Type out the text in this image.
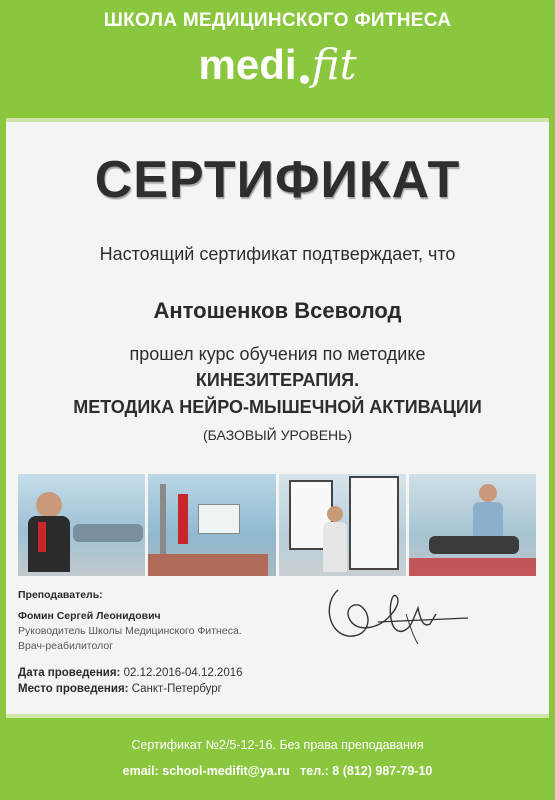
ШКОЛА МЕДИЦИНСКОГО ФИТНЕСА
medi fit
СЕРТИФИКАТ
Настоящий сертификат подтверждает, что
Антошенков Всеволод
прошел курс обучения по методике
КИНЕЗИТЕРАПИЯ.
МЕТОДИКА НЕЙРО-МЫШЕЧНОЙ АКТИВАЦИИ
(БАЗОВЫЙ УРОВЕНЬ)
Преподаватель:
Фомин Сергей Леонидович
Руководитель Школы Медицинского Фитнеса.
Врач-реабилитолог
Дата проведения: 02.12.2016-04.12.2016
Место проведения: Санкт-Петербург
Сертификат №2/5-12-16. Без права преподавания
email: school-medifit@ya.ru тел.: 8 (812) 987-79-10
